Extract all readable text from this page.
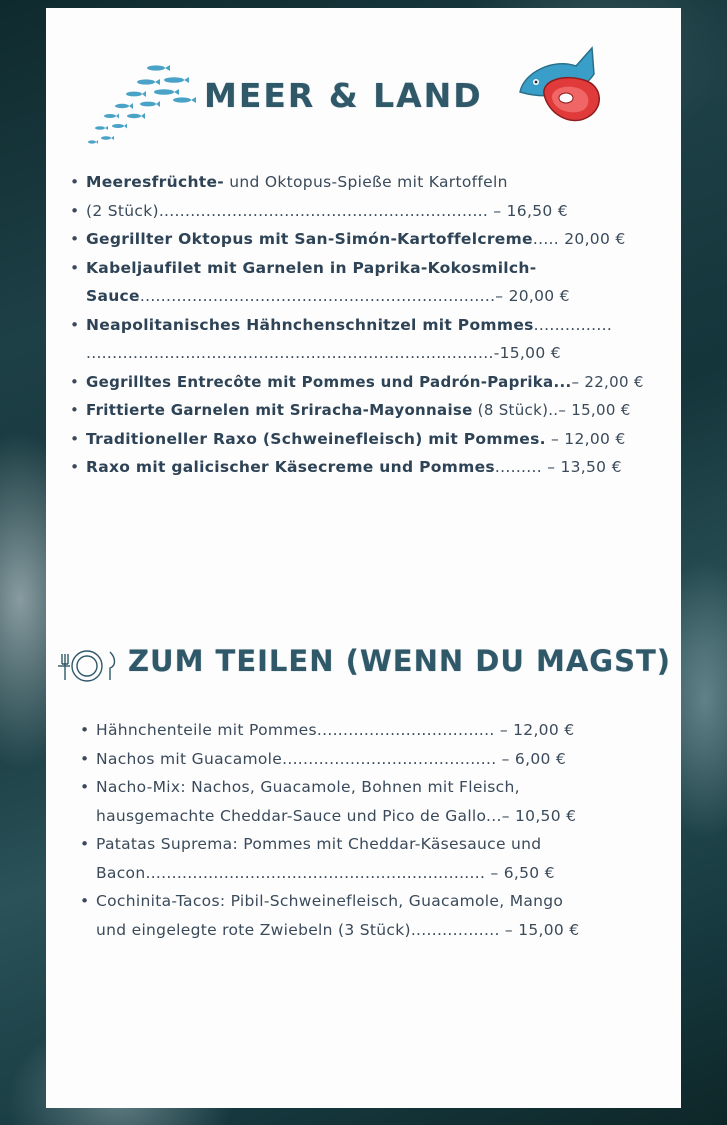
MEER & LAND
• Meeresfrüchte- und Oktopus-Spieße mit Kartoffeln
• (2 Stück)............................................................... – 16,50 €
• Gegrillter Oktopus mit San-Simón-Kartoffelcreme..... 20,00 €
• Kabeljaufilet mit Garnelen in Paprika-Kokosmilch-
Sauce....................................................................– 20,00 €
• Neapolitanisches Hähnchenschnitzel mit Pommes...............
..............................................................................-15,00 €
• Gegrilltes Entrecôte mit Pommes und Padrón-Paprika...– 22,00 €
• Frittierte Garnelen mit Sriracha-Mayonnaise (8 Stück)..– 15,00 €
• Traditioneller Raxo (Schweinefleisch) mit Pommes. – 12,00 €
• Raxo mit galicischer Käsecreme und Pommes......... – 13,50 €
ZUM TEILEN (WENN DU MAGST)
• Hähnchenteile mit Pommes.................................. – 12,00 €
• Nachos mit Guacamole......................................... – 6,00 €
• Nacho-Mix: Nachos, Guacamole, Bohnen mit Fleisch,
hausgemachte Cheddar-Sauce und Pico de Gallo...– 10,50 €
• Patatas Suprema: Pommes mit Cheddar-Käsesauce und
Bacon................................................................. – 6,50 €
• Cochinita-Tacos: Pibil-Schweinefleisch, Guacamole, Mango
und eingelegte rote Zwiebeln (3 Stück)................. – 15,00 €
